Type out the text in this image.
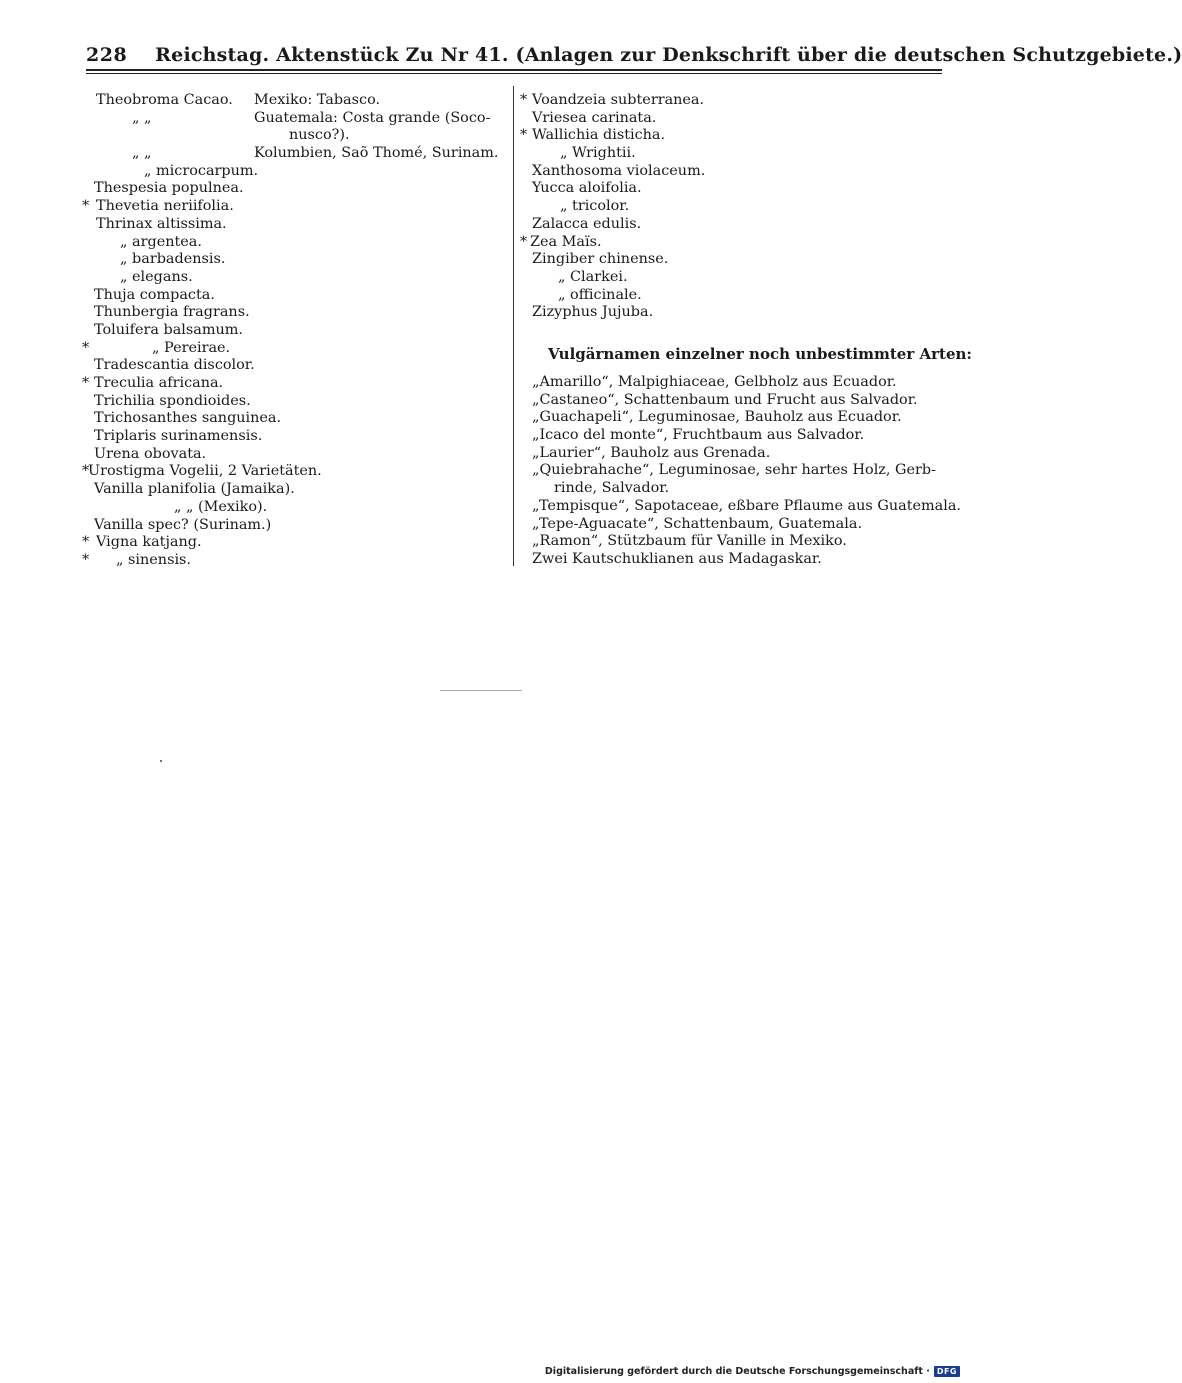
228 Reichstag. Aktenstück Zu Nr 41. (Anlagen zur Denkschrift über die deutschen Schutzgebiete.)
Theobroma Cacao. Mexiko: Tabasco.
„ „	Guatemala: Costa grande (Soco-
nusco?).
„ „	Kolumbien, Saõ Thomé, Surinam.
„ microcarpum.
Thespesia populnea.
* Thevetia neriifolia.
Thrinax altissima.
„ argentea.
„ barbadensis.
„ elegans.
Thuja compacta.
Thunbergia fragrans.
Toluifera balsamum.
*	„ Pereirae.
Tradescantia discolor.
* Treculia africana.
Trichilia spondioides.
Trichosanthes sanguinea.
Triplaris surinamensis.
Urena obovata.
*
Urostigma Vogelii, 2 Varietäten.
Vanilla planifolia (Jamaika).
„ „ (Mexiko).
Vanilla spec? (Surinam.)
* Vigna katjang.
*	„ sinensis.
* Voandzeia subterranea.
Vriesea carinata.
* Wallichia disticha.
„ Wrightii.
Xanthosoma violaceum.
Yucca aloifolia.
„ tricolor.
Zalacca edulis.
* Zea Maïs.
Zingiber chinense.
„ Clarkei.
„ officinale.
Zizyphus Jujuba.
Vulgärnamen einzelner noch unbestimmter Arten:
„Amarillo“, Malpighiaceae, Gelbholz aus Ecuador.
„Castaneo“, Schattenbaum und Frucht aus Salvador.
„Guachapeli“, Leguminosae, Bauholz aus Ecuador.
„Icaco del monte“, Fruchtbaum aus Salvador.
„Laurier“, Bauholz aus Grenada.
„Quiebrahache“, Leguminosae, sehr hartes Holz, Gerb-
rinde, Salvador.
„Tempisque“, Sapotaceae, eßbare Pflaume aus Guatemala.
„Tepe-Aguacate“, Schattenbaum, Guatemala.
„Ramon“, Stützbaum für Vanille in Mexiko.
Zwei Kautschuklianen aus Madagaskar.
Digitalisierung gefördert durch die Deutsche Forschungsgemeinschaft · DFG
